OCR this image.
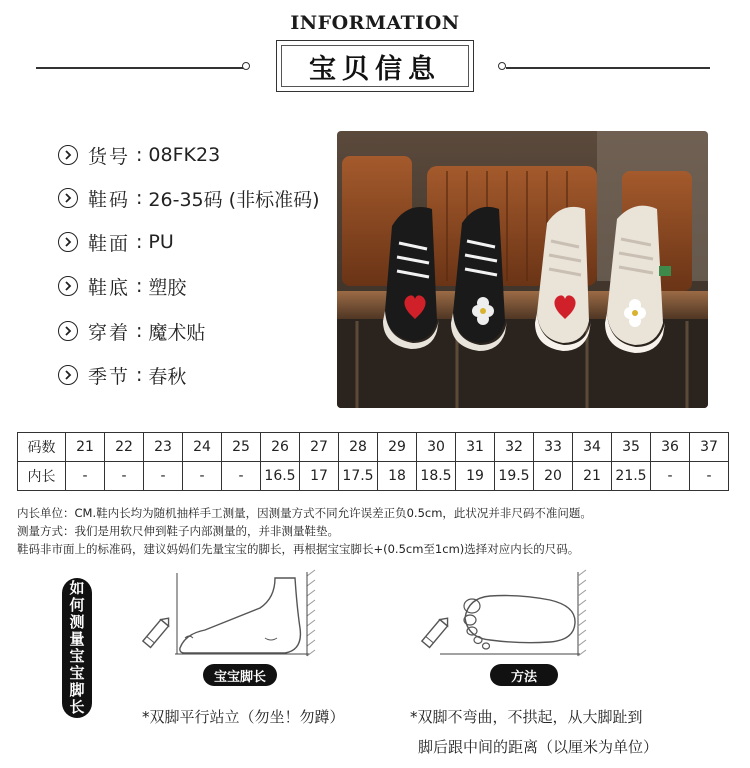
INFORMATION
宝贝信息
货号 : 08FK23
鞋码 : 26-35码 (非标准码)
鞋面 : PU
鞋底 : 塑胶
穿着 : 魔术贴
季节 : 春秋
码数	21	22	23	24	25	26	27	28	29	30	31	32	33	34	35	36	37
内长	-	-	-	-	-	16.5	17	17.5	18	18.5	19	19.5	20	21	21.5	-	-
内长单位：CM.鞋内长均为随机抽样手工测量，因测量方式不同允许误差正负0.5cm，此状况并非尺码不准问题。
测量方式：我们是用软尺伸到鞋子内部测量的，并非测量鞋垫。
鞋码非市面上的标准码，建议妈妈们先量宝宝的脚长，再根据宝宝脚长+(0.5cm至1cm)选择对应内长的尺码。
如何测量宝宝脚长	宝宝脚长
*双脚平行站立（勿坐！勿蹲）
方法
*双脚不弯曲，不拱起，从大脚趾到
脚后跟中间的距离（以厘米为单位）
